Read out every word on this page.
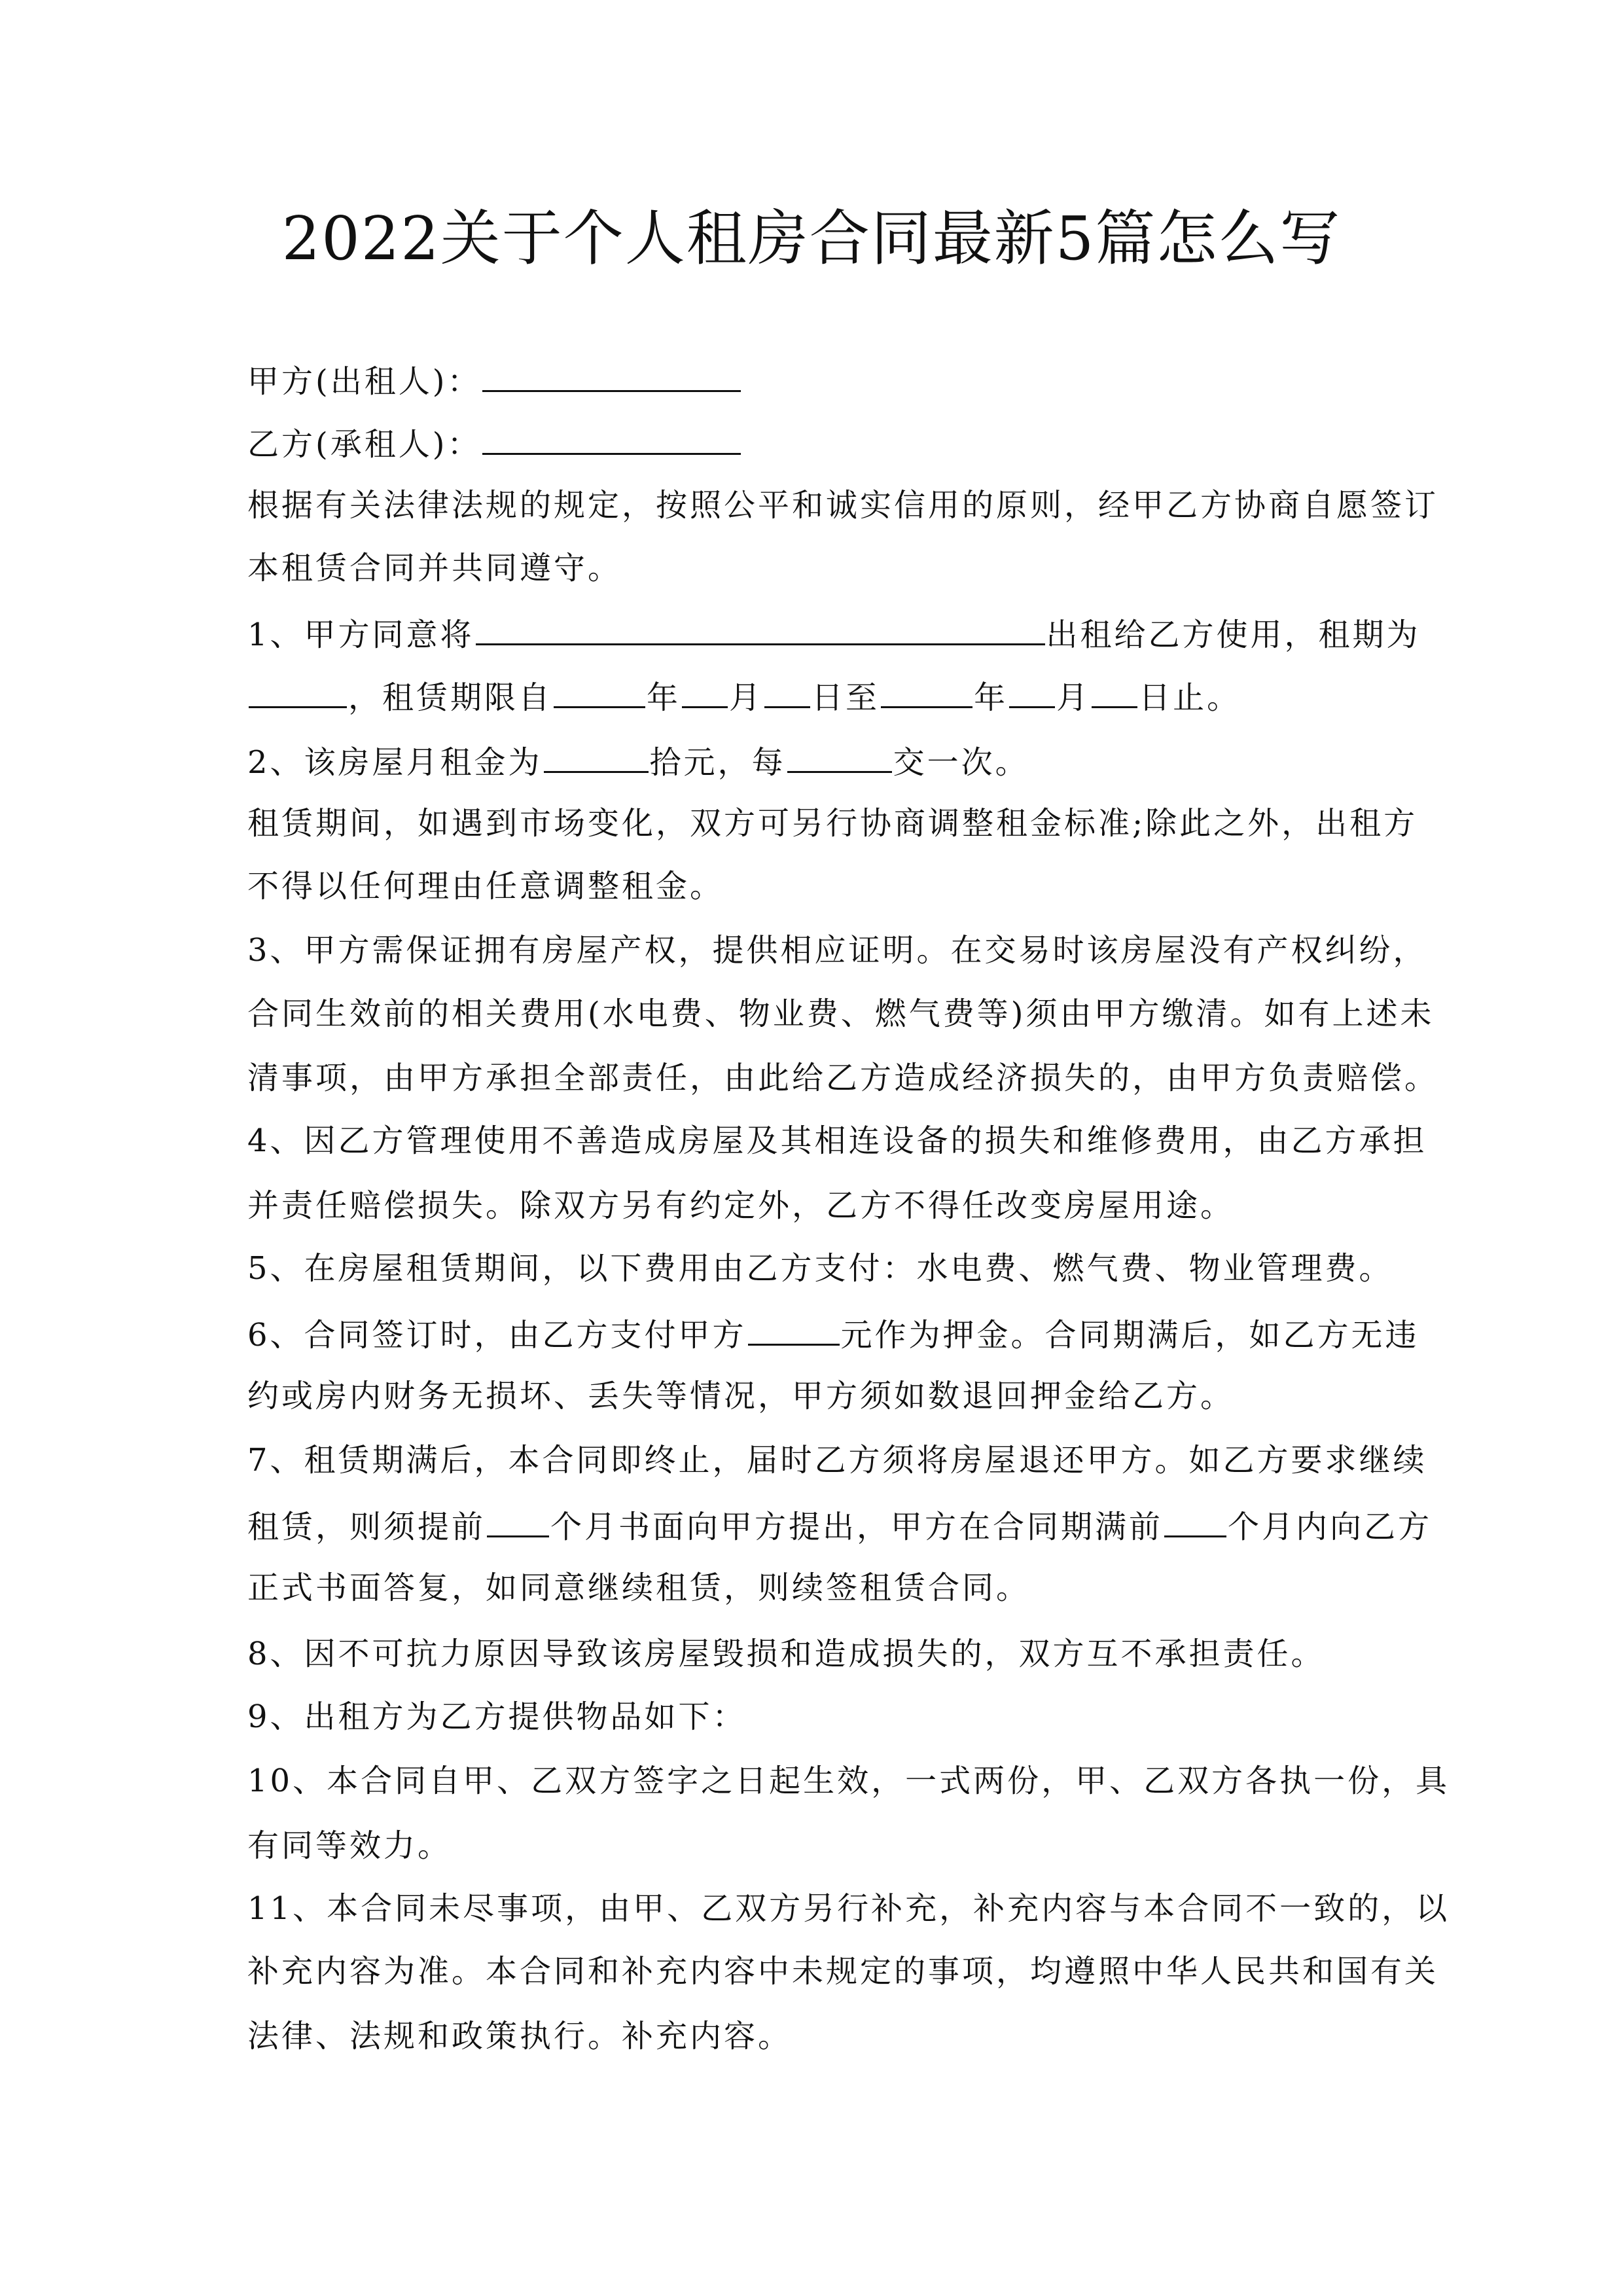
2022关于个人租房合同最新5篇怎么写
甲方(出租人)：
乙方(承租人)：
根据有关法律法规的规定，按照公平和诚实信用的原则，经甲乙方协商自愿签订
本租赁合同并共同遵守。
1、甲方同意将	出租给乙方使用，租期为
，租赁期限自	年 月 日至	年 月 日止。
2、该房屋月租金为	拾元，每	交一次。
租赁期间，如遇到市场变化，双方可另行协商调整租金标准;除此之外，出租方
不得以任何理由任意调整租金。
3、甲方需保证拥有房屋产权，提供相应证明。在交易时该房屋没有产权纠纷，
合同生效前的相关费用(水电费、物业费、燃气费等)须由甲方缴清。如有上述未
清事项，由甲方承担全部责任，由此给乙方造成经济损失的，由甲方负责赔偿。
4、因乙方管理使用不善造成房屋及其相连设备的损失和维修费用，由乙方承担
并责任赔偿损失。除双方另有约定外，乙方不得任改变房屋用途。
5、在房屋租赁期间，以下费用由乙方支付：水电费、燃气费、物业管理费。
6、合同签订时，由乙方支付甲方	元作为押金。合同期满后，如乙方无违
约或房内财务无损坏、丢失等情况，甲方须如数退回押金给乙方。
7、租赁期满后，本合同即终止，届时乙方须将房屋退还甲方。如乙方要求继续
租赁，则须提前 个月书面向甲方提出，甲方在合同期满前 个月内向乙方
正式书面答复，如同意继续租赁，则续签租赁合同。
8、因不可抗力原因导致该房屋毁损和造成损失的，双方互不承担责任。
9、出租方为乙方提供物品如下：
10、本合同自甲、乙双方签字之日起生效，一式两份，甲、乙双方各执一份，具
有同等效力。
11、本合同未尽事项，由甲、乙双方另行补充，补充内容与本合同不一致的，以
补充内容为准。本合同和补充内容中未规定的事项，均遵照中华人民共和国有关
法律、法规和政策执行。补充内容。
